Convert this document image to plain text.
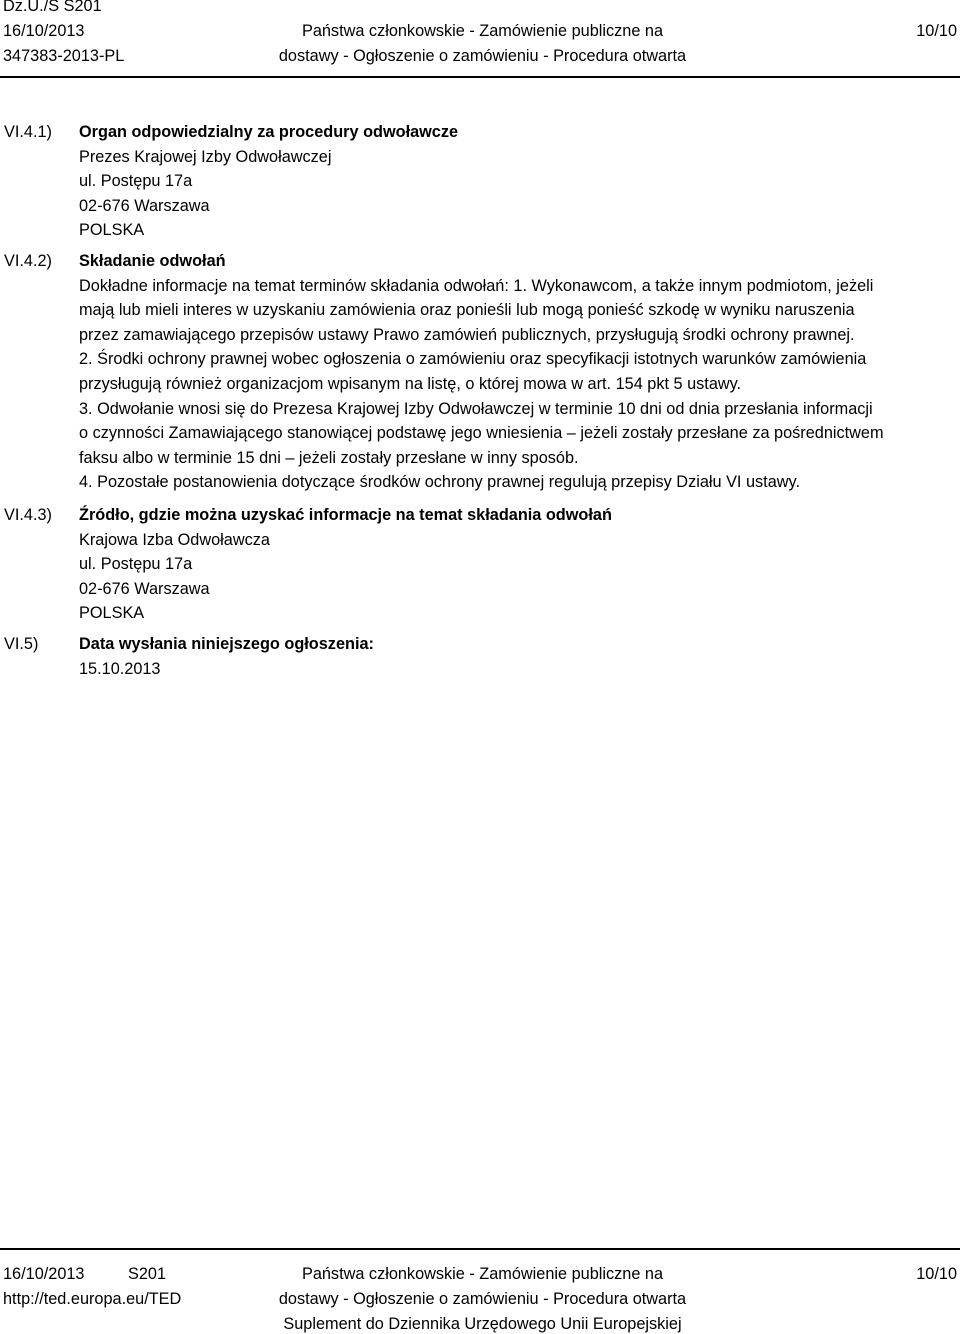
Dz.U./S S201
16/10/2013
347383-2013-PL
Państwa członkowskie - Zamówienie publiczne na
dostawy - Ogłoszenie o zamówieniu - Procedura otwarta
10/10
VI.4.1) Organ odpowiedzialny za procedury odwoławcze
Prezes Krajowej Izby Odwoławczej
ul. Postępu 17a
02-676 Warszawa
POLSKA
VI.4.2) Składanie odwołań
Dokładne informacje na temat terminów składania odwołań: 1. Wykonawcom, a także innym podmiotom, jeżeli
mają lub mieli interes w uzyskaniu zamówienia oraz ponieśli lub mogą ponieść szkodę w wyniku naruszenia
przez zamawiającego przepisów ustawy Prawo zamówień publicznych, przysługują środki ochrony prawnej.
2. Środki ochrony prawnej wobec ogłoszenia o zamówieniu oraz specyfikacji istotnych warunków zamówienia
przysługują również organizacjom wpisanym na listę, o której mowa w art. 154 pkt 5 ustawy.
3. Odwołanie wnosi się do Prezesa Krajowej Izby Odwoławczej w terminie 10 dni od dnia przesłania informacji
o czynności Zamawiającego stanowiącej podstawę jego wniesienia – jeżeli zostały przesłane za pośrednictwem
faksu albo w terminie 15 dni – jeżeli zostały przesłane w inny sposób.
4. Pozostałe postanowienia dotyczące środków ochrony prawnej regulują przepisy Działu VI ustawy.
VI.4.3) Źródło, gdzie można uzyskać informacje na temat składania odwołań
Krajowa Izba Odwoławcza
ul. Postępu 17a
02-676 Warszawa
POLSKA
VI.5) Data wysłania niniejszego ogłoszenia:
15.10.2013
16/10/2013	S201
http://ted.europa.eu/TED
Państwa członkowskie - Zamówienie publiczne na
dostawy - Ogłoszenie o zamówieniu - Procedura otwarta
Suplement do Dziennika Urzędowego Unii Europejskiej
10/10
